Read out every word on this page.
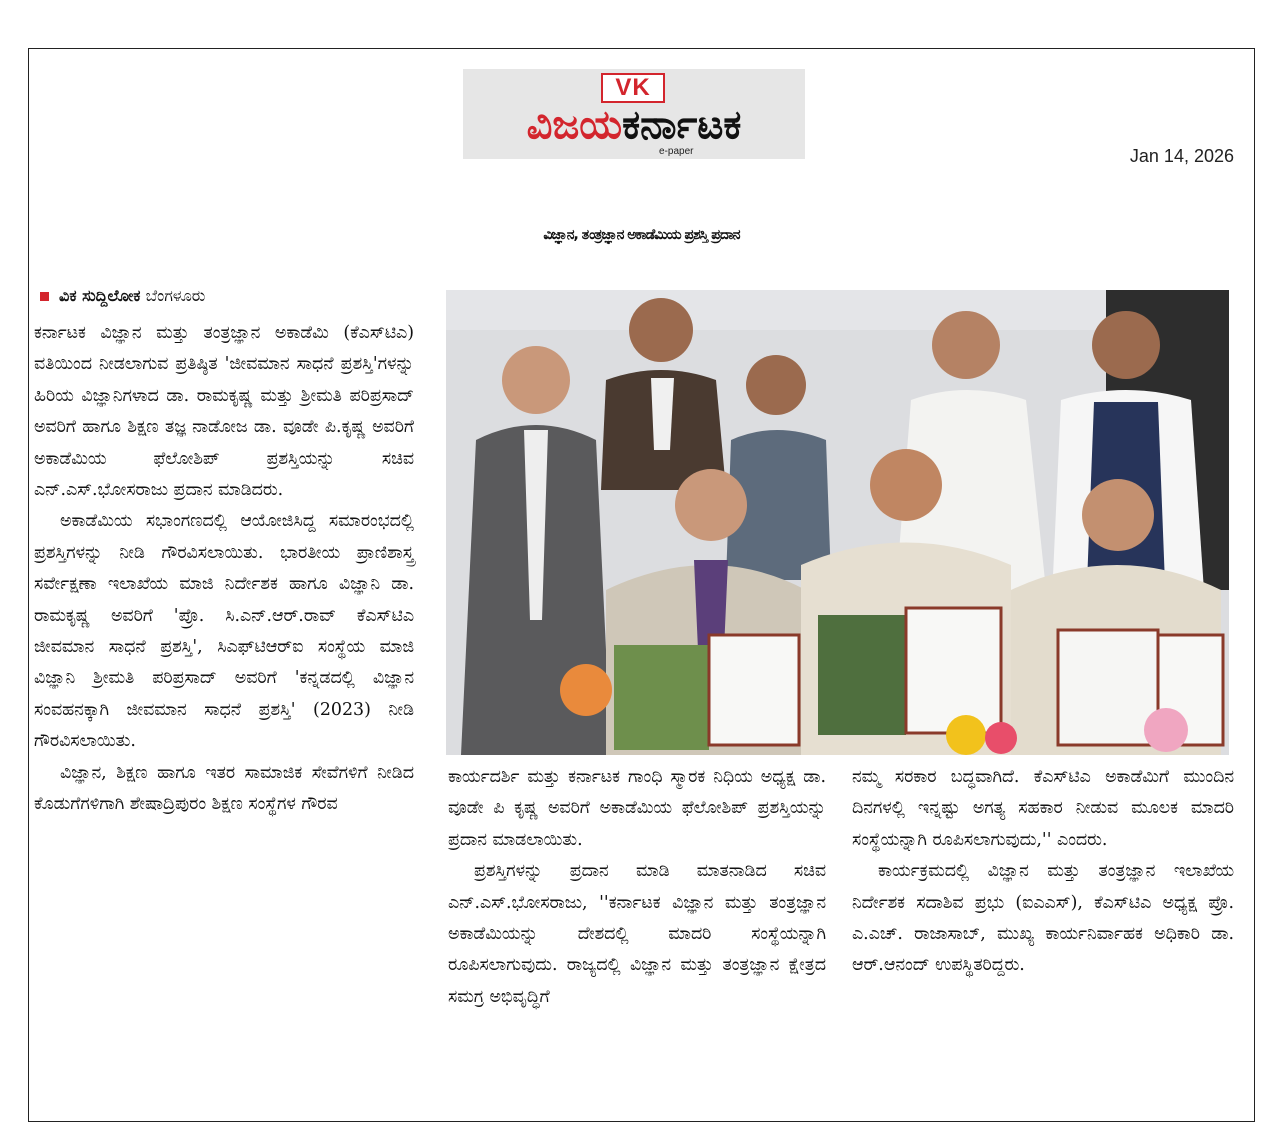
VK
ವಿಜಯಕರ್ನಾಟಕ
e-paper	Jan 14, 2026
ವಿಜ್ಞಾನ, ತಂತ್ರಜ್ಞಾನ ಅಕಾಡೆಮಿಯ ಪ್ರಶಸ್ತಿ ಪ್ರದಾನ
ವಿಕ ಸುದ್ದಿಲೋಕ ಬೆಂಗಳೂರು

ಕರ್ನಾಟಕ ವಿಜ್ಞಾನ ಮತ್ತು ತಂತ್ರಜ್ಞಾನ ಅಕಾಡೆಮಿ (ಕೆಎಸ್‌ಟಿಎ) ವತಿಯಿಂದ ನೀಡಲಾಗುವ ಪ್ರತಿಷ್ಠಿತ 'ಜೀವಮಾನ ಸಾಧನೆ ಪ್ರಶಸ್ತಿ'ಗಳನ್ನು ಹಿರಿಯ ವಿಜ್ಞಾನಿಗಳಾದ ಡಾ. ರಾಮಕೃಷ್ಣ ಮತ್ತು ಶ್ರೀಮತಿ ಪರಿಪ್ರಸಾದ್ ಅವರಿಗೆ ಹಾಗೂ ಶಿಕ್ಷಣ ತಜ್ಞ ನಾಡೋಜ ಡಾ. ವೂಡೇ ಪಿ.ಕೃಷ್ಣ ಅವರಿಗೆ ಅಕಾಡೆಮಿಯ ಫೆಲೋಶಿಪ್ ಪ್ರಶಸ್ತಿಯನ್ನು ಸಚಿವ ಎನ್.ಎಸ್.ಭೋಸರಾಜು ಪ್ರದಾನ ಮಾಡಿದರು.

ಅಕಾಡೆಮಿಯ ಸಭಾಂಗಣದಲ್ಲಿ ಆಯೋಜಿಸಿದ್ದ ಸಮಾರಂಭದಲ್ಲಿ ಪ್ರಶಸ್ತಿಗಳನ್ನು ನೀಡಿ ಗೌರವಿಸಲಾಯಿತು. ಭಾರತೀಯ ಪ್ರಾಣಿಶಾಸ್ತ್ರ ಸರ್ವೇಕ್ಷಣಾ ಇಲಾಖೆಯ ಮಾಜಿ ನಿರ್ದೇಶಕ ಹಾಗೂ ವಿಜ್ಞಾನಿ ಡಾ. ರಾಮಕೃಷ್ಣ ಅವರಿಗೆ 'ಪ್ರೊ. ಸಿ.ಎನ್.ಆರ್.ರಾವ್ ಕೆಎಸ್‌ಟಿಎ ಜೀವಮಾನ ಸಾಧನೆ ಪ್ರಶಸ್ತಿ', ಸಿಎಫ್‌ಟಿಆರ್‌ಐ ಸಂಸ್ಥೆಯ ಮಾಜಿ ವಿಜ್ಞಾನಿ ಶ್ರೀಮತಿ ಪರಿಪ್ರಸಾದ್ ಅವರಿಗೆ 'ಕನ್ನಡದಲ್ಲಿ ವಿಜ್ಞಾನ ಸಂವಹನಕ್ಕಾಗಿ ಜೀವಮಾನ ಸಾಧನೆ ಪ್ರಶಸ್ತಿ' (2023) ನೀಡಿ ಗೌರವಿಸಲಾಯಿತು.

ವಿಜ್ಞಾನ, ಶಿಕ್ಷಣ ಹಾಗೂ ಇತರ ಸಾಮಾಜಿಕ ಸೇವೆಗಳಿಗೆ ನೀಡಿದ ಕೊಡುಗೆಗಳಿಗಾಗಿ ಶೇಷಾದ್ರಿಪುರಂ ಶಿಕ್ಷಣ ಸಂಸ್ಥೆಗಳ ಗೌರವ

ಕಾರ್ಯದರ್ಶಿ ಮತ್ತು ಕರ್ನಾಟಕ ಗಾಂಧಿ ಸ್ಮಾರಕ ನಿಧಿಯ ಅಧ್ಯಕ್ಷ ಡಾ. ವೂಡೇ ಪಿ ಕೃಷ್ಣ ಅವರಿಗೆ ಅಕಾಡೆಮಿಯ ಫೆಲೋಶಿಪ್ ಪ್ರಶಸ್ತಿಯನ್ನು ಪ್ರದಾನ ಮಾಡಲಾಯಿತು.

ಪ್ರಶಸ್ತಿಗಳನ್ನು ಪ್ರದಾನ ಮಾಡಿ ಮಾತನಾಡಿದ ಸಚಿವ ಎನ್.ಎಸ್.ಭೋಸರಾಜು, ''ಕರ್ನಾಟಕ ವಿಜ್ಞಾನ ಮತ್ತು ತಂತ್ರಜ್ಞಾನ ಅಕಾಡೆಮಿಯನ್ನು ದೇಶದಲ್ಲಿ ಮಾದರಿ ಸಂಸ್ಥೆಯನ್ನಾಗಿ ರೂಪಿಸಲಾಗುವುದು. ರಾಜ್ಯದಲ್ಲಿ ವಿಜ್ಞಾನ ಮತ್ತು ತಂತ್ರಜ್ಞಾನ ಕ್ಷೇತ್ರದ ಸಮಗ್ರ ಅಭಿವೃದ್ಧಿಗೆ

ನಮ್ಮ ಸರಕಾರ ಬದ್ಧವಾಗಿದೆ. ಕೆಎಸ್‌ಟಿಎ ಅಕಾಡೆಮಿಗೆ ಮುಂದಿನ ದಿನಗಳಲ್ಲಿ ಇನ್ನಷ್ಟು ಅಗತ್ಯ ಸಹಕಾರ ನೀಡುವ ಮೂಲಕ ಮಾದರಿ ಸಂಸ್ಥೆಯನ್ನಾಗಿ ರೂಪಿಸಲಾಗುವುದು,'' ಎಂದರು.

ಕಾರ್ಯಕ್ರಮದಲ್ಲಿ ವಿಜ್ಞಾನ ಮತ್ತು ತಂತ್ರಜ್ಞಾನ ಇಲಾಖೆಯ ನಿರ್ದೇಶಕ ಸದಾಶಿವ ಪ್ರಭು (ಐಎಎಸ್), ಕೆಎಸ್‌ಟಿಎ ಅಧ್ಯಕ್ಷ ಪ್ರೊ. ಎ.ಎಚ್. ರಾಜಾಸಾಬ್, ಮುಖ್ಯ ಕಾರ್ಯನಿರ್ವಾಹಕ ಅಧಿಕಾರಿ ಡಾ. ಆರ್.ಆನಂದ್ ಉಪಸ್ಥಿತರಿದ್ದರು.
